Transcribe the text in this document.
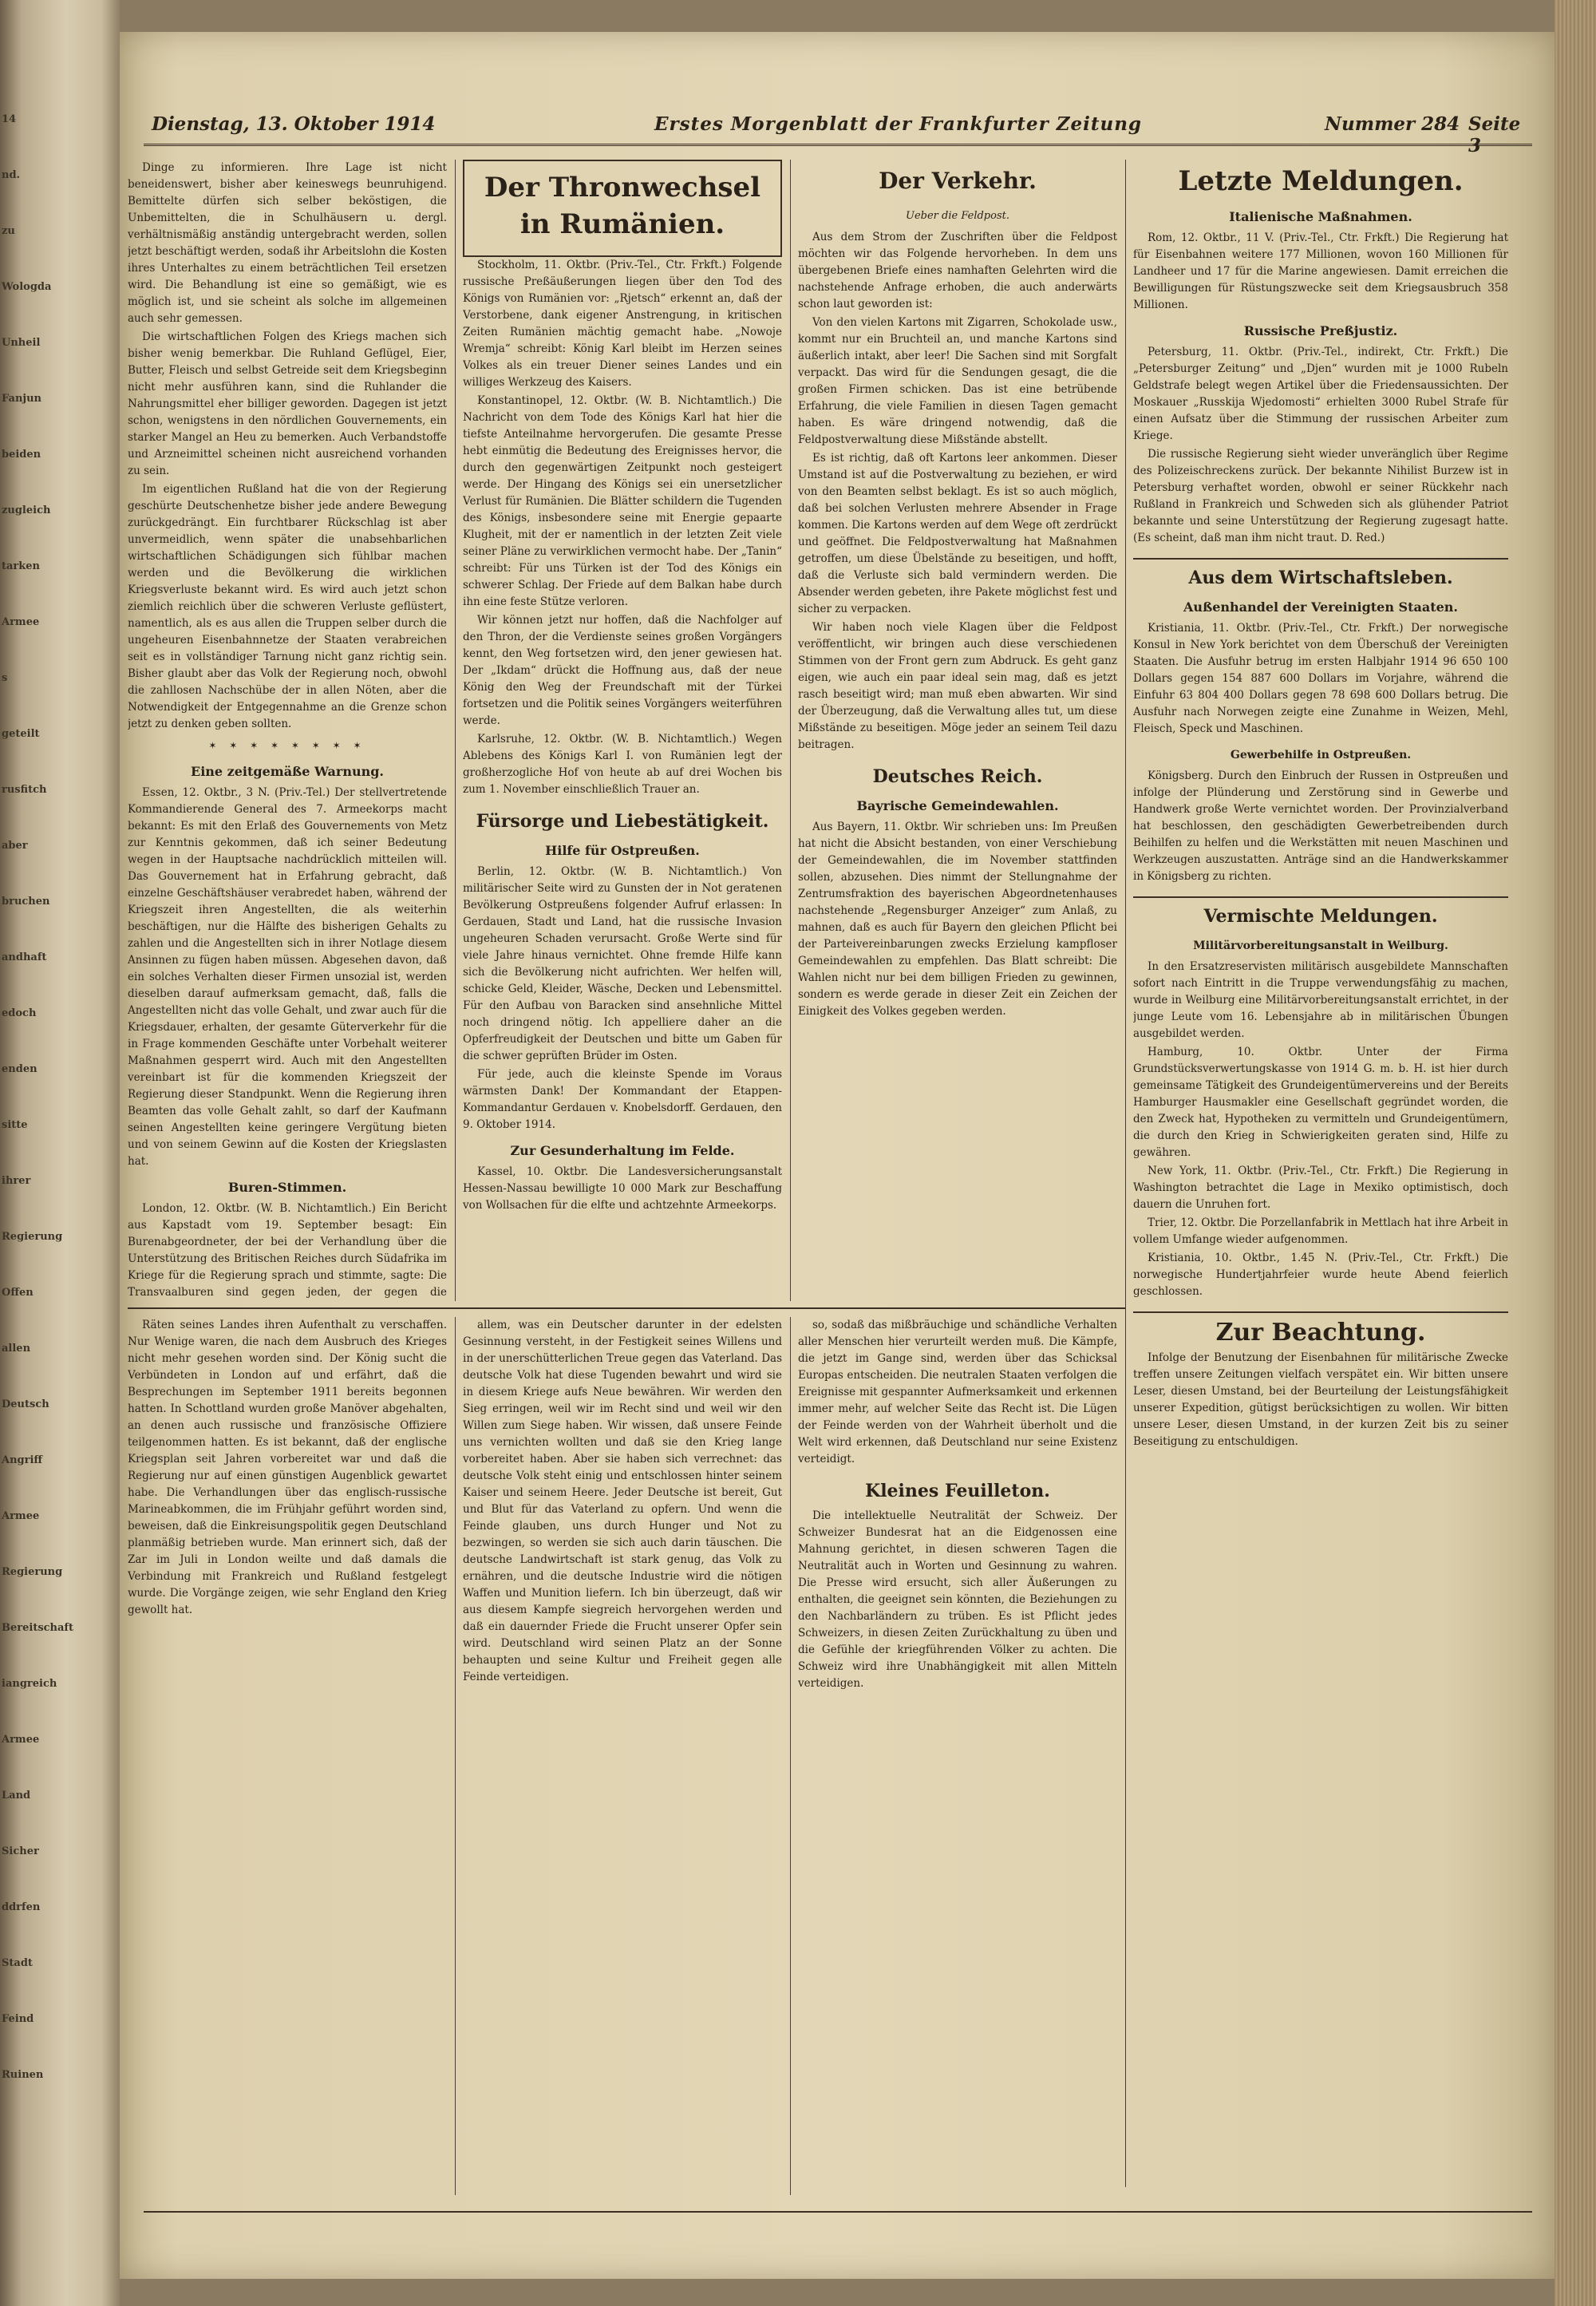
14
nd.
zu
Wologda
Unheil
Fanjun
beiden
zugleich
tarken
Armee
s
geteilt
rusfitch
aber
bruchen
andhaft
edoch
enden
sitte
ihrer
Regierung
Offen
allen
Deutsch
Angriff
Armee
Regierung
Bereitschaft
iangreich
Armee
Land
Sicher
ddrfen
Stadt
Feind
Ruinen
Dienstag, 13. Oktober 1914	Erstes Morgenblatt der Frankfurter Zeitung	Nummer 284 Seite 3

Dinge zu informieren. Ihre Lage ist nicht beneidenswert, bisher aber keineswegs beunruhigend. Bemittelte dürfen sich selber beköstigen, die Unbemittelten, die in Schulhäusern u. dergl. verhältnismäßig anständig untergebracht werden, sollen jetzt beschäftigt werden, sodaß ihr Arbeitslohn die Kosten ihres Unterhaltes zu einem beträchtlichen Teil ersetzen wird. Die Behandlung ist eine so gemäßigt, wie es möglich ist, und sie scheint als solche im allgemeinen auch sehr gemessen.

Die wirtschaftlichen Folgen des Kriegs machen sich bisher wenig bemerkbar. Die Ruhland Geflügel, Eier, Butter, Fleisch und selbst Getreide seit dem Kriegsbeginn nicht mehr ausführen kann, sind die Ruhlander die Nahrungsmittel eher billiger geworden. Dagegen ist jetzt schon, wenigstens in den nördlichen Gouvernements, ein starker Mangel an Heu zu bemerken. Auch Verbandstoffe und Arzneimittel scheinen nicht ausreichend vorhanden zu sein.

Im eigentlichen Rußland hat die von der Regierung geschürte Deutschenhetze bisher jede andere Bewegung zurückgedrängt. Ein furchtbarer Rückschlag ist aber unvermeidlich, wenn später die unabsehbarlichen wirtschaftlichen Schädigungen sich fühlbar machen werden und die Bevölkerung die wirklichen Kriegsverluste bekannt wird. Es wird auch jetzt schon ziemlich reichlich über die schweren Verluste geflüstert, namentlich, als es aus allen die Truppen selber durch die ungeheuren Eisenbahnnetze der Staaten verabreichen seit es in vollständiger Tarnung nicht ganz richtig sein. Bisher glaubt aber das Volk der Regierung noch, obwohl die zahllosen Nachschübe der in allen Nöten, aber die Notwendigkeit der Entgegennahme an die Grenze schon jetzt zu denken geben sollten.

✶ ✶ ✶ ✶ ✶ ✶ ✶ ✶
Eine zeitgemäße Warnung.

Essen, 12. Oktbr., 3 N. (Priv.-Tel.) Der stellvertretende Kommandierende General des 7. Armeekorps macht bekannt: Es mit den Erlaß des Gouvernements von Metz zur Kenntnis gekommen, daß ich seiner Bedeutung wegen in der Hauptsache nachdrücklich mitteilen will. Das Gouvernement hat in Erfahrung gebracht, daß einzelne Geschäftshäuser verabredet haben, während der Kriegszeit ihren Angestellten, die als weiterhin beschäftigen, nur die Hälfte des bisherigen Gehalts zu zahlen und die Angestellten sich in ihrer Notlage diesem Ansinnen zu fügen haben müssen. Abgesehen davon, daß ein solches Verhalten dieser Firmen unsozial ist, werden dieselben darauf aufmerksam gemacht, daß, falls die Angestellten nicht das volle Gehalt, und zwar auch für die Kriegsdauer, erhalten, der gesamte Güterverkehr für die in Frage kommenden Geschäfte unter Vorbehalt weiterer Maßnahmen gesperrt wird. Auch mit den Angestellten vereinbart ist für die kommenden Kriegszeit der Regierung dieser Standpunkt. Wenn die Regierung ihren Beamten das volle Gehalt zahlt, so darf der Kaufmann seinen Angestellten keine geringere Vergütung bieten und von seinem Gewinn auf die Kosten der Kriegslasten hat.

Buren-Stimmen.

London, 12. Oktbr. (W. B. Nichtamtlich.) Ein Bericht aus Kapstadt vom 19. September besagt: Ein Burenabgeordneter, der bei der Verhandlung über die Unterstützung des Britischen Reiches durch Südafrika im Kriege für die Regierung sprach und stimmte, sagte: Die Transvaalburen sind gegen jeden, der gegen die

Der Thronwechsel in Rumänien.

Stockholm, 11. Oktbr. (Priv.-Tel., Ctr. Frkft.) Folgende russische Preßäußerungen liegen über den Tod des Königs von Rumänien vor: „Rjetsch“ erkennt an, daß der Verstorbene, dank eigener Anstrengung, in kritischen Zeiten Rumänien mächtig gemacht habe. „Nowoje Wremja“ schreibt: König Karl bleibt im Herzen seines Volkes als ein treuer Diener seines Landes und ein williges Werkzeug des Kaisers.

Konstantinopel, 12. Oktbr. (W. B. Nichtamtlich.) Die Nachricht von dem Tode des Königs Karl hat hier die tiefste Anteilnahme hervorgerufen. Die gesamte Presse hebt einmütig die Bedeutung des Ereignisses hervor, die durch den gegenwärtigen Zeitpunkt noch gesteigert werde. Der Hingang des Königs sei ein unersetzlicher Verlust für Rumänien. Die Blätter schildern die Tugenden des Königs, insbesondere seine mit Energie gepaarte Klugheit, mit der er namentlich in der letzten Zeit viele seiner Pläne zu verwirklichen vermocht habe. Der „Tanin“ schreibt: Für uns Türken ist der Tod des Königs ein schwerer Schlag. Der Friede auf dem Balkan habe durch ihn eine feste Stütze verloren.

Wir können jetzt nur hoffen, daß die Nachfolger auf den Thron, der die Verdienste seines großen Vorgängers kennt, den Weg fortsetzen wird, den jener gewiesen hat. Der „Ikdam“ drückt die Hoffnung aus, daß der neue König den Weg der Freundschaft mit der Türkei fortsetzen und die Politik seines Vorgängers weiterführen werde.

Karlsruhe, 12. Oktbr. (W. B. Nichtamtlich.) Wegen Ablebens des Königs Karl I. von Rumänien legt der großherzogliche Hof von heute ab auf drei Wochen bis zum 1. November einschließlich Trauer an.

Fürsorge und Liebestätigkeit.
Hilfe für Ostpreußen.

Berlin, 12. Oktbr. (W. B. Nichtamtlich.) Von militärischer Seite wird zu Gunsten der in Not geratenen Bevölkerung Ostpreußens folgender Aufruf erlassen: In Gerdauen, Stadt und Land, hat die russische Invasion ungeheuren Schaden verursacht. Große Werte sind für viele Jahre hinaus vernichtet. Ohne fremde Hilfe kann sich die Bevölkerung nicht aufrichten. Wer helfen will, schicke Geld, Kleider, Wäsche, Decken und Lebensmittel. Für den Aufbau von Baracken sind ansehnliche Mittel noch dringend nötig. Ich appelliere daher an die Opferfreudigkeit der Deutschen und bitte um Gaben für die schwer geprüften Brüder im Osten.

Für jede, auch die kleinste Spende im Voraus wärmsten Dank! Der Kommandant der Etappen-Kommandantur Gerdauen v. Knobelsdorff. Gerdauen, den 9. Oktober 1914.

Zur Gesunderhaltung im Felde.

Kassel, 10. Oktbr. Die Landesversicherungsanstalt Hessen-Nassau bewilligte 10 000 Mark zur Beschaffung von Wollsachen für die elfte und achtzehnte Armeekorps.

Der Verkehr.
Ueber die Feldpost.

Aus dem Strom der Zuschriften über die Feldpost möchten wir das Folgende hervorheben. In dem uns übergebenen Briefe eines namhaften Gelehrten wird die nachstehende Anfrage erhoben, die auch anderwärts schon laut geworden ist:

Von den vielen Kartons mit Zigarren, Schokolade usw., kommt nur ein Bruchteil an, und manche Kartons sind äußerlich intakt, aber leer! Die Sachen sind mit Sorgfalt verpackt. Das wird für die Sendungen gesagt, die die großen Firmen schicken. Das ist eine betrübende Erfahrung, die viele Familien in diesen Tagen gemacht haben. Es wäre dringend notwendig, daß die Feldpostverwaltung diese Mißstände abstellt.

Es ist richtig, daß oft Kartons leer ankommen. Dieser Umstand ist auf die Postverwaltung zu beziehen, er wird von den Beamten selbst beklagt. Es ist so auch möglich, daß bei solchen Verlusten mehrere Absender in Frage kommen. Die Kartons werden auf dem Wege oft zerdrückt und geöffnet. Die Feldpostverwaltung hat Maßnahmen getroffen, um diese Übelstände zu beseitigen, und hofft, daß die Verluste sich bald vermindern werden. Die Absender werden gebeten, ihre Pakete möglichst fest und sicher zu verpacken.

Wir haben noch viele Klagen über die Feldpost veröffentlicht, wir bringen auch diese verschiedenen Stimmen von der Front gern zum Abdruck. Es geht ganz eigen, wie auch ein paar ideal sein mag, daß es jetzt rasch beseitigt wird; man muß eben abwarten. Wir sind der Überzeugung, daß die Verwaltung alles tut, um diese Mißstände zu beseitigen. Möge jeder an seinem Teil dazu beitragen.

Deutsches Reich.
Bayrische Gemeindewahlen.

Aus Bayern, 11. Oktbr. Wir schrieben uns: Im Preußen hat nicht die Absicht bestanden, von einer Verschiebung der Gemeindewahlen, die im November stattfinden sollen, abzusehen. Dies nimmt der Stellungnahme der Zentrumsfraktion des bayerischen Abgeordnetenhauses nachstehende „Regensburger Anzeiger“ zum Anlaß, zu mahnen, daß es auch für Bayern den gleichen Pflicht bei der Parteivereinbarungen zwecks Erzielung kampfloser Gemeindewahlen zu empfehlen. Das Blatt schreibt: Die Wahlen nicht nur bei dem billigen Frieden zu gewinnen, sondern es werde gerade in dieser Zeit ein Zeichen der Einigkeit des Volkes gegeben werden.

Letzte Meldungen.
Italienische Maßnahmen.

Rom, 12. Oktbr., 11 V. (Priv.-Tel., Ctr. Frkft.) Die Regierung hat für Eisenbahnen weitere 177 Millionen, wovon 160 Millionen für Landheer und 17 für die Marine angewiesen. Damit erreichen die Bewilligungen für Rüstungszwecke seit dem Kriegsausbruch 358 Millionen.

Russische Preßjustiz.

Petersburg, 11. Oktbr. (Priv.-Tel., indirekt, Ctr. Frkft.) Die „Petersburger Zeitung“ und „Djen“ wurden mit je 1000 Rubeln Geldstrafe belegt wegen Artikel über die Friedensaussichten. Der Moskauer „Russkija Wjedomosti“ erhielten 3000 Rubel Strafe für einen Aufsatz über die Stimmung der russischen Arbeiter zum Kriege.

Die russische Regierung sieht wieder unveränglich über Regime des Polizeischreckens zurück. Der bekannte Nihilist Burzew ist in Petersburg verhaftet worden, obwohl er seiner Rückkehr nach Rußland in Frankreich und Schweden sich als glühender Patriot bekannte und seine Unterstützung der Regierung zugesagt hatte. (Es scheint, daß man ihm nicht traut. D. Red.)

Aus dem Wirtschaftsleben.
Außenhandel der Vereinigten Staaten.

Kristiania, 11. Oktbr. (Priv.-Tel., Ctr. Frkft.) Der norwegische Konsul in New York berichtet von dem Überschuß der Vereinigten Staaten. Die Ausfuhr betrug im ersten Halbjahr 1914 96 650 100 Dollars gegen 154 887 600 Dollars im Vorjahre, während die Einfuhr 63 804 400 Dollars gegen 78 698 600 Dollars betrug. Die Ausfuhr nach Norwegen zeigte eine Zunahme in Weizen, Mehl, Fleisch, Speck und Maschinen.

Gewerbehilfe in Ostpreußen.

Königsberg. Durch den Einbruch der Russen in Ostpreußen und infolge der Plünderung und Zerstörung sind in Gewerbe und Handwerk große Werte vernichtet worden. Der Provinzialverband hat beschlossen, den geschädigten Gewerbetreibenden durch Beihilfen zu helfen und die Werkstätten mit neuen Maschinen und Werkzeugen auszustatten. Anträge sind an die Handwerkskammer in Königsberg zu richten.

Vermischte Meldungen.
Militärvorbereitungsanstalt in Weilburg.

In den Ersatzreservisten militärisch ausgebildete Mannschaften sofort nach Eintritt in die Truppe verwendungsfähig zu machen, wurde in Weilburg eine Militärvorbereitungsanstalt errichtet, in der junge Leute vom 16. Lebensjahre ab in militärischen Übungen ausgebildet werden.

Hamburg, 10. Oktbr. Unter der Firma Grundstücksverwertungskasse von 1914 G. m. b. H. ist hier durch gemeinsame Tätigkeit des Grundeigentümervereins und der Bereits Hamburger Hausmakler eine Gesellschaft gegründet worden, die den Zweck hat, Hypotheken zu vermitteln und Grundeigentümern, die durch den Krieg in Schwierigkeiten geraten sind, Hilfe zu gewähren.

New York, 11. Oktbr. (Priv.-Tel., Ctr. Frkft.) Die Regierung in Washington betrachtet die Lage in Mexiko optimistisch, doch dauern die Unruhen fort.

Trier, 12. Oktbr. Die Porzellanfabrik in Mettlach hat ihre Arbeit in vollem Umfange wieder aufgenommen.

Kristiania, 10. Oktbr., 1.45 N. (Priv.-Tel., Ctr. Frkft.) Die norwegische Hundertjahrfeier wurde heute Abend feierlich geschlossen.

Zur Beachtung.

Infolge der Benutzung der Eisenbahnen für militärische Zwecke treffen unsere Zeitungen vielfach verspätet ein. Wir bitten unsere Leser, diesen Umstand, bei der Beurteilung der Leistungsfähigkeit unserer Expedition, gütigst berücksichtigen zu wollen. Wir bitten unsere Leser, diesen Umstand, in der kurzen Zeit bis zu seiner Beseitigung zu entschuldigen.

Räten seines Landes ihren Aufenthalt zu verschaffen. Nur Wenige waren, die nach dem Ausbruch des Krieges nicht mehr gesehen worden sind. Der König sucht die Verbündeten in London auf und erfährt, daß die Besprechungen im September 1911 bereits begonnen hatten. In Schottland wurden große Manöver abgehalten, an denen auch russische und französische Offiziere teilgenommen hatten. Es ist bekannt, daß der englische Kriegsplan seit Jahren vorbereitet war und daß die Regierung nur auf einen günstigen Augenblick gewartet habe. Die Verhandlungen über das englisch-russische Marineabkommen, die im Frühjahr geführt worden sind, beweisen, daß die Einkreisungspolitik gegen Deutschland planmäßig betrieben wurde. Man erinnert sich, daß der Zar im Juli in London weilte und daß damals die Verbindung mit Frankreich und Rußland festgelegt wurde. Die Vorgänge zeigen, wie sehr England den Krieg gewollt hat.

allem, was ein Deutscher darunter in der edelsten Gesinnung versteht, in der Festigkeit seines Willens und in der unerschütterlichen Treue gegen das Vaterland. Das deutsche Volk hat diese Tugenden bewahrt und wird sie in diesem Kriege aufs Neue bewähren. Wir werden den Sieg erringen, weil wir im Recht sind und weil wir den Willen zum Siege haben. Wir wissen, daß unsere Feinde uns vernichten wollten und daß sie den Krieg lange vorbereitet haben. Aber sie haben sich verrechnet: das deutsche Volk steht einig und entschlossen hinter seinem Kaiser und seinem Heere. Jeder Deutsche ist bereit, Gut und Blut für das Vaterland zu opfern. Und wenn die Feinde glauben, uns durch Hunger und Not zu bezwingen, so werden sie sich auch darin täuschen. Die deutsche Landwirtschaft ist stark genug, das Volk zu ernähren, und die deutsche Industrie wird die nötigen Waffen und Munition liefern. Ich bin überzeugt, daß wir aus diesem Kampfe siegreich hervorgehen werden und daß ein dauernder Friede die Frucht unserer Opfer sein wird. Deutschland wird seinen Platz an der Sonne behaupten und seine Kultur und Freiheit gegen alle Feinde verteidigen.

so, sodaß das mißbräuchige und schändliche Verhalten aller Menschen hier verurteilt werden muß. Die Kämpfe, die jetzt im Gange sind, werden über das Schicksal Europas entscheiden. Die neutralen Staaten verfolgen die Ereignisse mit gespannter Aufmerksamkeit und erkennen immer mehr, auf welcher Seite das Recht ist. Die Lügen der Feinde werden von der Wahrheit überholt und die Welt wird erkennen, daß Deutschland nur seine Existenz verteidigt.

Kleines Feuilleton.

Die intellektuelle Neutralität der Schweiz. Der Schweizer Bundesrat hat an die Eidgenossen eine Mahnung gerichtet, in diesen schweren Tagen die Neutralität auch in Worten und Gesinnung zu wahren. Die Presse wird ersucht, sich aller Äußerungen zu enthalten, die geeignet sein könnten, die Beziehungen zu den Nachbarländern zu trüben. Es ist Pflicht jedes Schweizers, in diesen Zeiten Zurückhaltung zu üben und die Gefühle der kriegführenden Völker zu achten. Die Schweiz wird ihre Unabhängigkeit mit allen Mitteln verteidigen.
